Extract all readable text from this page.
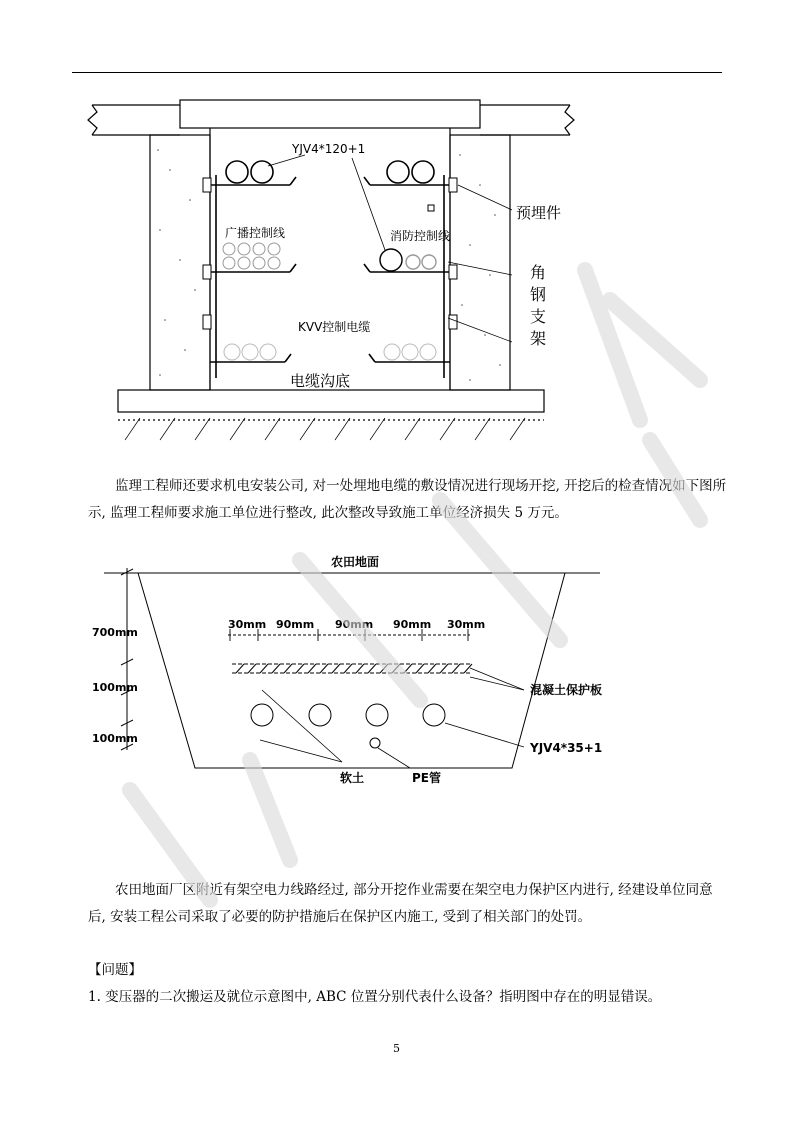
YJV4*120+1
预埋件
广播控制线	消防控制线
角
钢
支
架
KVV控制电缆
电缆沟底

监理工程师还要求机电安装公司, 对一处埋地电缆的敷设情况进行现场开挖, 开挖后的检查情况如下图所示, 监理工程师要求施工单位进行整改, 此次整改导致施工单位经济损失 5 万元。

农田地面
30mm 90mm 90mm 90mm 30mm
700mm
100mm
100mm
混凝土保护板
YJV4*35+1
软土	PE管

农田地面厂区附近有架空电力线路经过, 部分开挖作业需要在架空电力保护区内进行, 经建设单位同意后, 安装工程公司采取了必要的防护措施后在保护区内施工, 受到了相关部门的处罚。

【问题】

1. 变压器的二次搬运及就位示意图中, ABC 位置分别代表什么设备？指明图中存在的明显错误。

5
